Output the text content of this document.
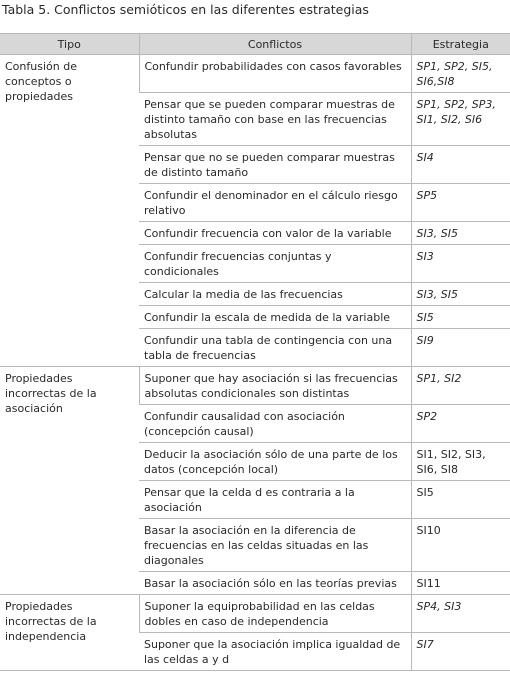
Tabla 5. Conflictos semióticos en las diferentes estrategias
Tipo	Conflictos	Estrategia
Confusión de conceptos o propiedades	Confundir probabilidades con casos favorables	SP1, SP2, SI5, SI6,SI8
	Pensar que se pueden comparar muestras de distinto tamaño con base en las frecuencias absolutas	SP1, SP2, SP3, SI1, SI2, SI6
	Pensar que no se pueden comparar muestras de distinto tamaño	SI4
	Confundir el denominador en el cálculo riesgo relativo	SP5
	Confundir frecuencia con valor de la variable	SI3, SI5
	Confundir frecuencias conjuntas y condicionales	SI3
	Calcular la media de las frecuencias	SI3, SI5
	Confundir la escala de medida de la variable	SI5
	Confundir una tabla de contingencia con una tabla de frecuencias	SI9
Propiedades incorrectas de la asociación	Suponer que hay asociación si las frecuencias absolutas condicionales son distintas	SP1, SI2
	Confundir causalidad con asociación (concepción causal)	SP2
	Deducir la asociación sólo de una parte de los datos (concepción local)	SI1, SI2, SI3, SI6, SI8
	Pensar que la celda d es contraria a la asociación	SI5
	Basar la asociación en la diferencia de frecuencias en las celdas situadas en las diagonales	SI10
	Basar la asociación sólo en las teorías previas	SI11
Propiedades incorrectas de la independencia	Suponer la equiprobabilidad en las celdas dobles en caso de independencia	SP4, SI3
	Suponer que la asociación implica igualdad de las celdas a y d	SI7
